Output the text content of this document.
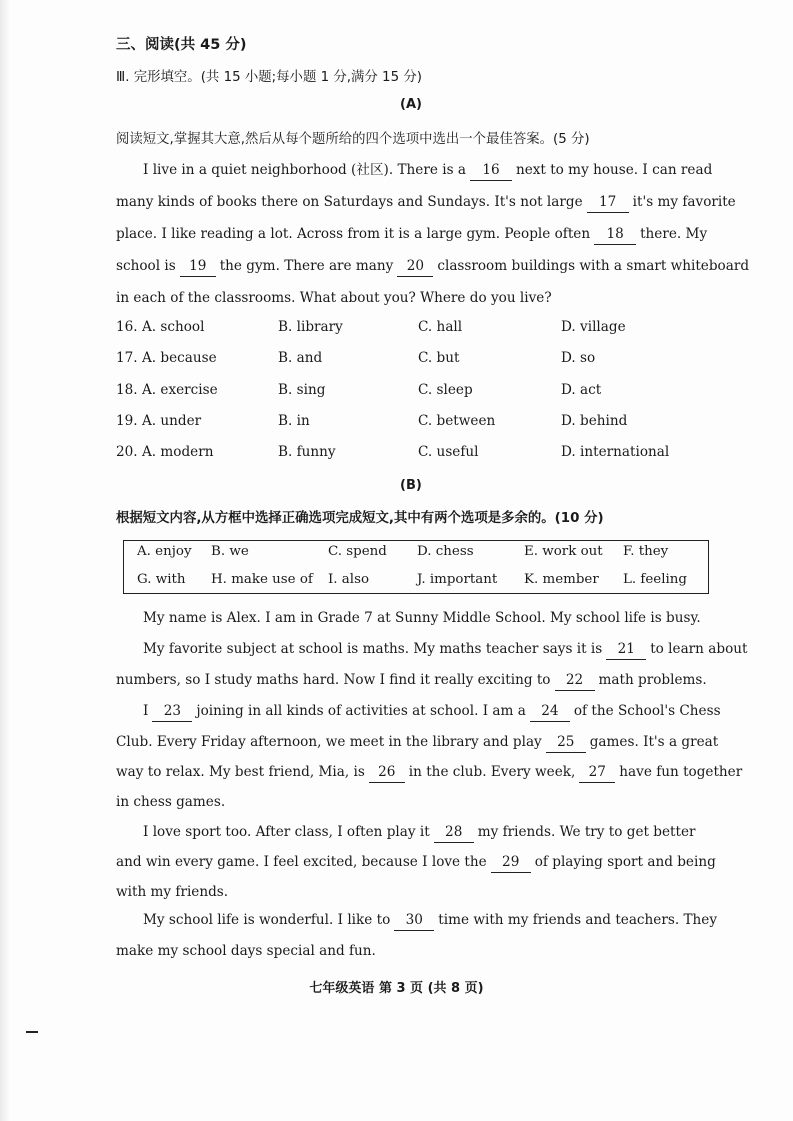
三、阅读(共 45 分)
Ⅲ. 完形填空。(共 15 小题;每小题 1 分,满分 15 分)
(A)
阅读短文,掌握其大意,然后从每个题所给的四个选项中选出一个最佳答案。(5 分)
I live in a quiet neighborhood (社区). There is a 16 next to my house. I can read
many kinds of books there on Saturdays and Sundays. It's not large 17 it's my favorite
place. I like reading a lot. Across from it is a large gym. People often 18 there. My
school is 19 the gym. There are many 20 classroom buildings with a smart whiteboard
in each of the classrooms. What about you? Where do you live?
16. A. school	B. library	C. hall	D. village
17. A. because	B. and	C. but	D. so
18. A. exercise	B. sing	C. sleep	D. act
19. A. under	B. in	C. between	D. behind
20. A. modern	B. funny	C. useful	D. international
(B)
根据短文内容,从方框中选择正确选项完成短文,其中有两个选项是多余的。(10 分)
A. enjoy B. we	C. spend D. chess	E. work out F. they
G. with H. make use of I. also	J. important K. member L. feeling
My name is Alex. I am in Grade 7 at Sunny Middle School. My school life is busy.
My favorite subject at school is maths. My maths teacher says it is 21 to learn about
numbers, so I study maths hard. Now I find it really exciting to 22 math problems.
I 23 joining in all kinds of activities at school. I am a 24 of the School's Chess
Club. Every Friday afternoon, we meet in the library and play 25 games. It's a great
way to relax. My best friend, Mia, is 26 in the club. Every week, 27 have fun together
in chess games.
I love sport too. After class, I often play it 28 my friends. We try to get better
and win every game. I feel excited, because I love the 29 of playing sport and being
with my friends.
My school life is wonderful. I like to 30 time with my friends and teachers. They
make my school days special and fun.
七年级英语 第 3 页 (共 8 页)
